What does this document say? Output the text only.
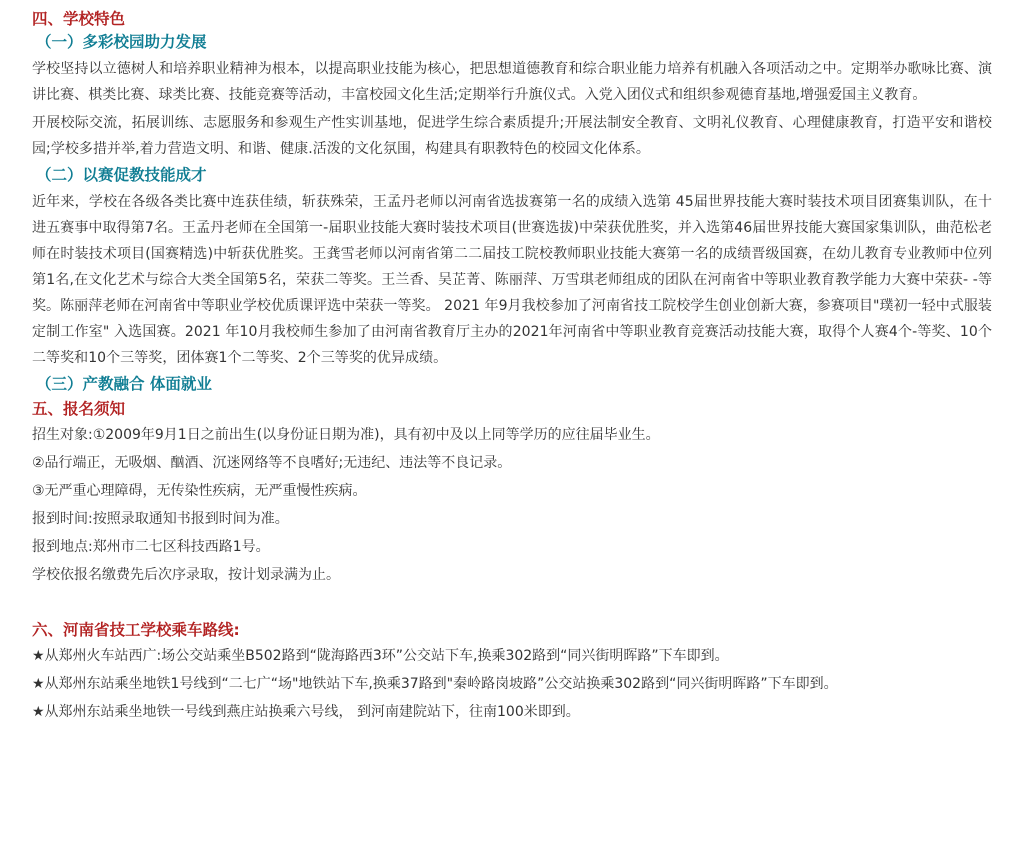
四、学校特色
（一）多彩校园助力发展

学校坚持以立德树人和培养职业精神为根本，以提高职业技能为核心，把思想道德教育和综合职业能力培养有机融入各项活动之中。定期举办歌咏比赛、演讲比赛、棋类比赛、球类比赛、技能竞赛等活动，丰富校园文化生活;定期举行升旗仪式。入党入团仪式和组织参观德育基地,增强爱国主义教育。

开展校际交流，拓展训练、志愿服务和参观生产性实训基地，促进学生综合素质提升;开展法制安全教育、文明礼仪教育、心理健康教育，打造平安和谐校园;学校多措并举,着力营造文明、和谐、健康.活泼的文化氛围，构建具有职教特色的校园文化体系。

（二）以赛促教技能成才

近年来，学校在各级各类比赛中连获佳绩，斩获殊荣，王孟丹老师以河南省选拔赛第一名的成绩入选第 45届世界技能大赛时装技术项目团赛集训队，在十进五赛事中取得第7名。王孟丹老师在全国第一-届职业技能大赛时装技术项目(世赛选拔)中荣获优胜奖，并入选第46届世界技能大赛国家集训队，曲范松老师在时装技术项目(国赛精选)中斩获优胜奖。王龚雪老师以河南省第二二届技工院校教师职业技能大赛第一名的成绩晋级国赛，在幼儿教育专业教师中位列第1名,在文化艺术与综合大类全国第5名，荣获二等奖。王兰香、吴芷菁、陈丽萍、万雪琪老师组成的团队在河南省中等职业教育教学能力大赛中荣获- -等奖。陈丽萍老师在河南省中等职业学校优质课评选中荣获一等奖。 2021 年9月我校参加了河南省技工院校学生创业创新大赛，参赛项目"璞初一轻中式服装定制工作室" 入选国赛。2021 年10月我校师生参加了由河南省教育厅主办的2021年河南省中等职业教育竞赛活动技能大赛，取得个人赛4个-等奖、10个二等奖和10个三等奖，团体赛1个二等奖、2个三等奖的优异成绩。

（三）产教融合 体面就业
五、报名须知
招生对象:①2009年9月1日之前出生(以身份证日期为准)，具有初中及以上同等学历的应往届毕业生。
②品行端正，无吸烟、酗酒、沉迷网络等不良嗜好;无违纪、违法等不良记录。
③无严重心理障碍，无传染性疾病，无严重慢性疾病。
报到时间:按照录取通知书报到时间为准。
报到地点:郑州市二七区科技西路1号。
学校依报名缴费先后次序录取，按计划录满为止。
六、河南省技工学校乘车路线:
★从郑州火车站西广:场公交站乘坐B502路到“陇海路西3环”公交站下车,换乘302路到“同兴街明晖路”下车即到。
★从郑州东站乘坐地铁1号线到“二七广“场"地铁站下车,换乘37路到"秦岭路岗坡路”公交站换乘302路到“同兴街明晖路”下车即到。
★从郑州东站乘坐地铁一号线到燕庄站换乘六号线， 到河南建院站下，往南100米即到。
